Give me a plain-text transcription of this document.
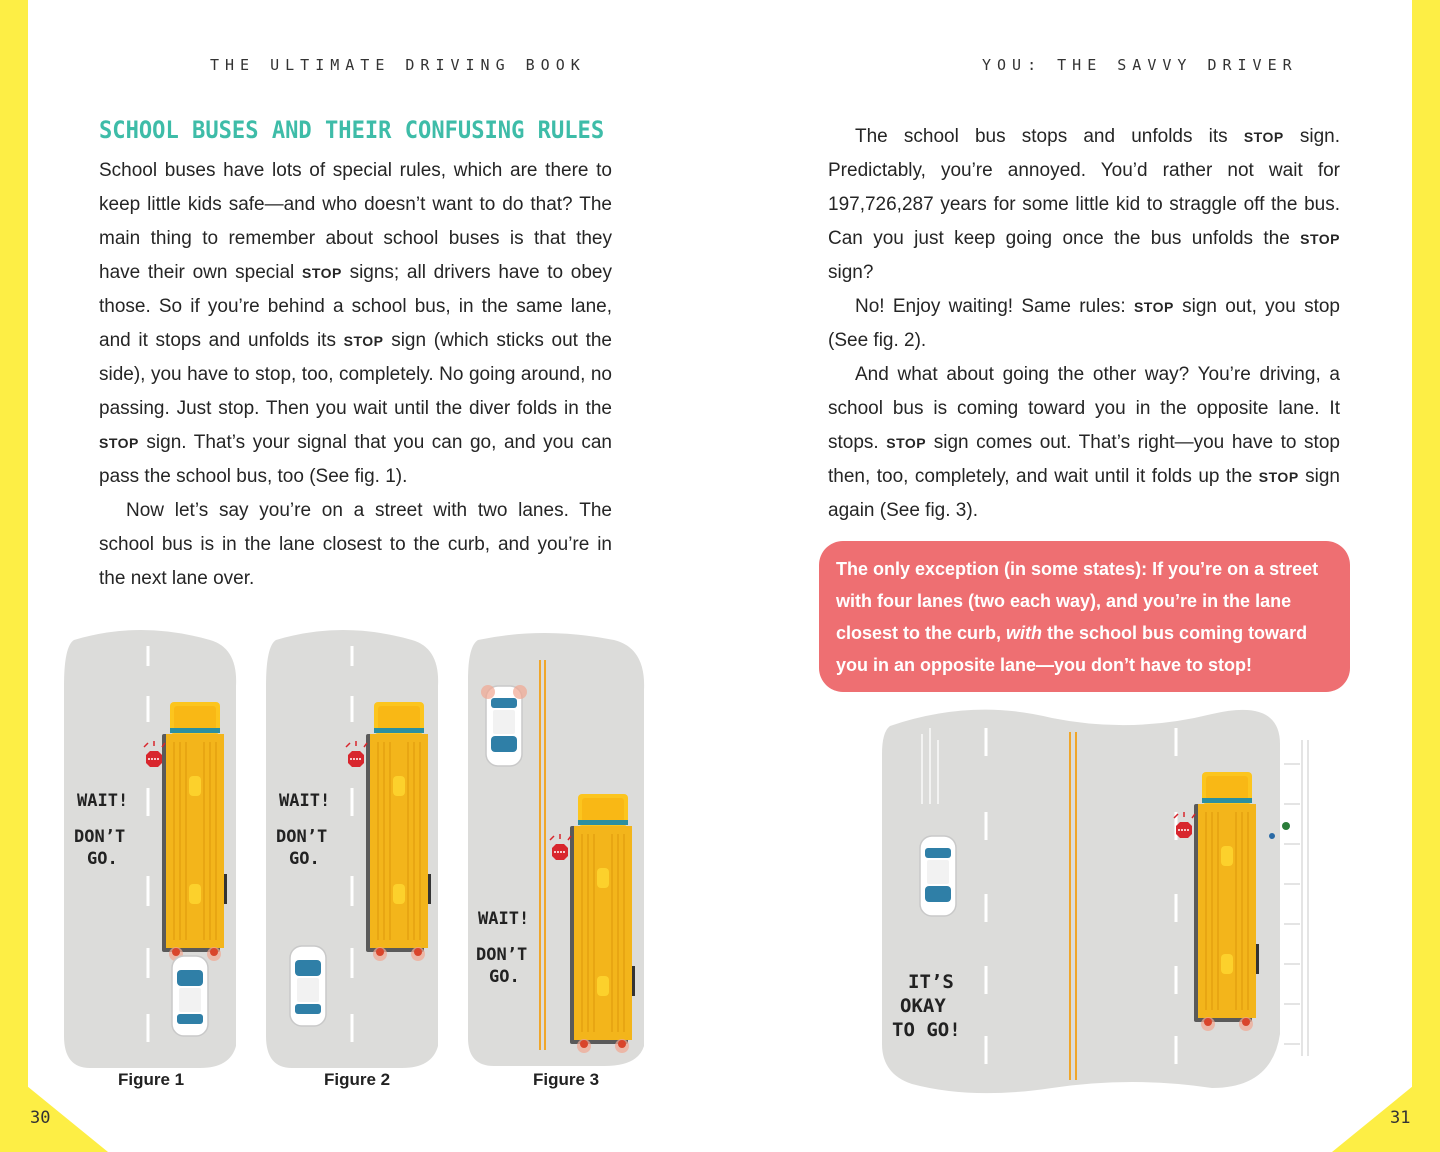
THE ULTIMATE DRIVING BOOK	YOU: THE SAVVY DRIVER
30	31
SCHOOL BUSES AND THEIR CONFUSING RULES

School buses have lots of special rules, which are there to keep little kids safe—and who doesn’t want to do that? The main thing to remember about school buses is that they have their own special STOP signs; all drivers have to obey those. So if you’re behind a school bus, in the same lane, and it stops and unfolds its STOP sign (which sticks out the side), you have to stop, too, completely. No going around, no passing. Just stop. Then you wait until the diver folds in the STOP sign. That’s your signal that you can go, and you can pass the school bus, too (See fig. 1).

Now let’s say you’re on a street with two lanes. The school bus is in the lane closest to the curb, and you’re in the next lane over.

The school bus stops and unfolds its STOP sign. Predictably, you’re annoyed. You’d rather not wait for 197,726,287 years for some little kid to straggle off the bus. Can you just keep going once the bus unfolds the STOP sign?

No! Enjoy waiting! Same rules: STOP sign out, you stop (See fig. 2).

And what about going the other way? You’re driving, a school bus is coming toward you in the opposite lane. It stops. STOP sign comes out. That’s right—you have to stop then, too, completely, and wait until it folds up the STOP sign again (See fig. 3).

The only exception (in some states): If you’re on a street with four lanes (two each way), and you’re in the lane closest to the curb, with the school bus coming toward you in an opposite lane—you don’t have to stop!
WAIT!
DON’T
GO.
WAIT!
DON’T
GO.
WAIT!
DON’T
GO.
Figure 1	Figure 2	Figure 3
IT’S
OKAY
TO GO!
